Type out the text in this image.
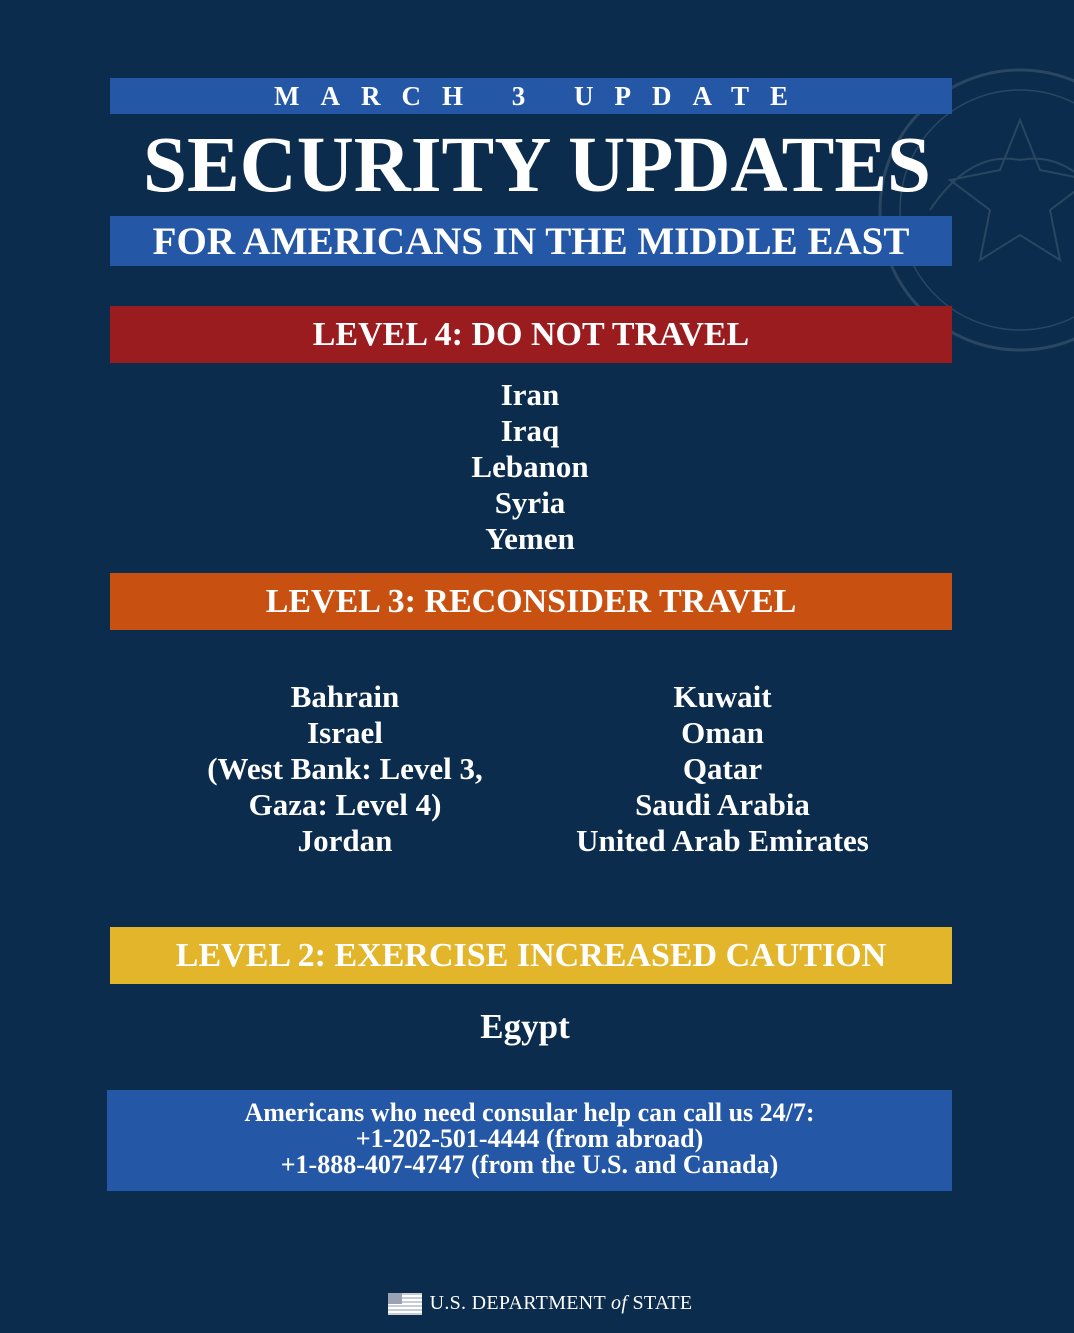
MARCH 3 UPDATE
SECURITY UPDATES
FOR AMERICANS IN THE MIDDLE EAST
LEVEL 4: DO NOT TRAVEL
Iran
Iraq
Lebanon
Syria
Yemen
LEVEL 3: RECONSIDER TRAVEL
Bahrain
Israel
(West Bank: Level 3,
Gaza: Level 4)
Jordan
Kuwait
Oman
Qatar
Saudi Arabia
United Arab Emirates
LEVEL 2: EXERCISE INCREASED CAUTION
Egypt
Americans who need consular help can call us 24/7:
+1-202-501-4444 (from abroad)
+1-888-407-4747 (from the U.S. and Canada)
U.S. DEPARTMENT of STATE
